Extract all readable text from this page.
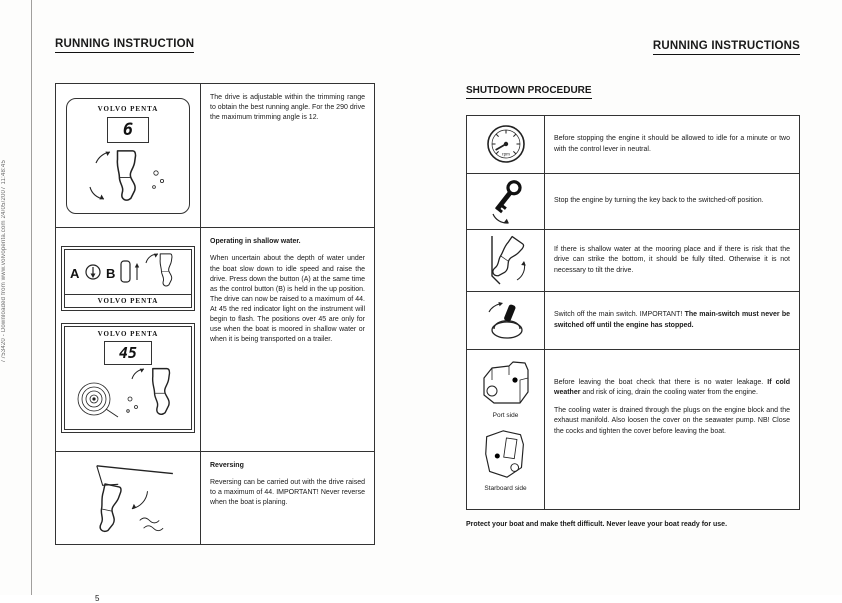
7753420 - Downloaded from www.volvopenta.com 24/05/2007 11:48:45
RUNNING INSTRUCTION
VOLVO PENTA
6

The drive is adjustable within the trimming range to obtain the best running angle. For the 290 drive the maximum trimming angle is 12.

A B
VOLVO PENTA
VOLVO PENTA
45

Operating in shallow water.

When uncertain about the depth of water under the boat slow down to idle speed and raise the drive. Press down the button (A) at the same time as the control button (B) is held in the up position. The drive can now be raised to a maximum of 44. At 45 the red indicator light on the instrument will begin to flash. The positions over 45 are only for use when the boat is moored in shallow water or when it is being transported on a trailer.

Reversing

Reversing can be carried out with the drive raised to a maximum of 44. IMPORTANT! Never reverse when the boat is planing.

5
RUNNING INSTRUCTIONS
SHUTDOWN PROCEDURE
rpm

Before stopping the engine it should be allowed to idle for a minute or two with the control lever in neutral.

Stop the engine by turning the key back to the switched-off position.

If there is shallow water at the mooring place and if there is risk that the drive can strike the bottom, it should be fully tilted. Otherwise it is not necessary to tilt the drive.

Switch off the main switch. IMPORTANT! The main-switch must never be switched off until the engine has stopped.

Port side
Starboard side

Before leaving the boat check that there is no water leakage. If cold weather and risk of icing, drain the cooling water from the engine.

The cooling water is drained through the plugs on the engine block and the exhaust manifold. Also loosen the cover on the seawater pump. NB! Close the cocks and tighten the cover before leaving the boat.

Protect your boat and make theft difficult. Never leave your boat ready for use.
